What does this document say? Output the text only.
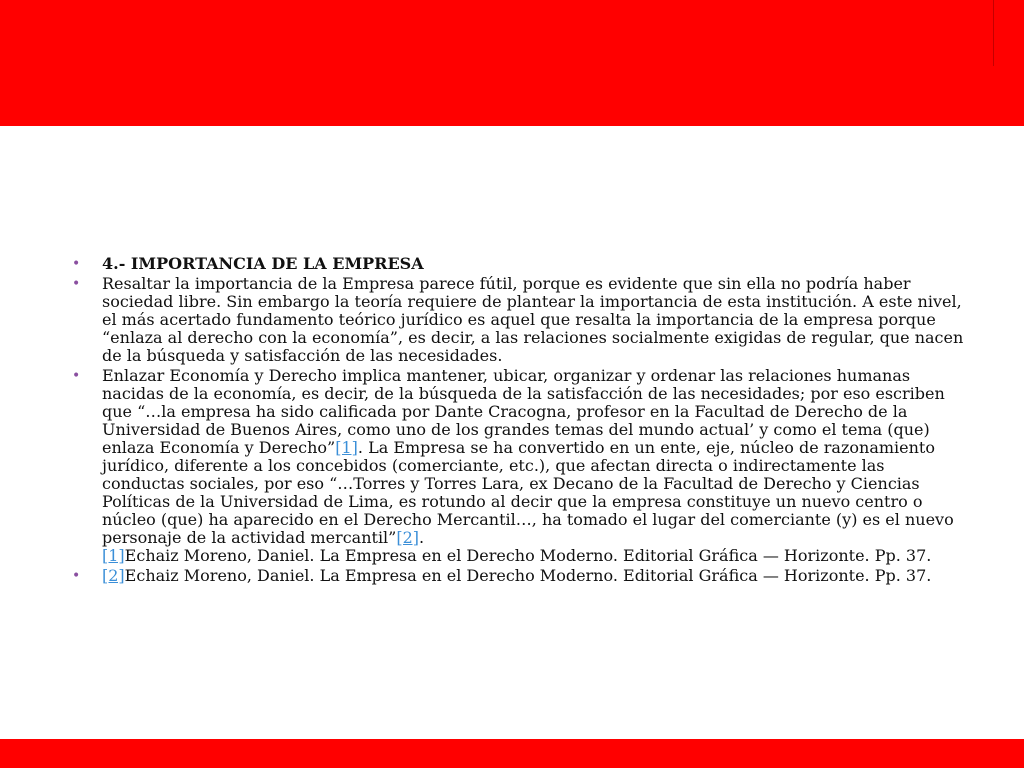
• 4.- IMPORTANCIA DE LA EMPRESA
• Resaltar la importancia de la Empresa parece fútil, porque es evidente que sin ella no podría haber sociedad libre. Sin embargo la teoría requiere de plantear la importancia de esta institución. A este nivel, el más acertado fundamento teórico jurídico es aquel que resalta la importancia de la empresa porque “enlaza al derecho con la economía”, es decir, a las relaciones socialmente exigidas de regular, que nacen de la búsqueda y satisfacción de las necesidades.
• Enlazar Economía y Derecho implica mantener, ubicar, organizar y ordenar las relaciones humanas nacidas de la economía, es decir, de la búsqueda de la satisfacción de las necesidades; por eso escriben que “…la empresa ha sido calificada por Dante Cracogna, profesor en la Facultad de Derecho de la Universidad de Buenos Aires, como uno de los grandes temas del mundo actual’ y como el tema (que) enlaza Economía y Derecho”[1]. La Empresa se ha convertido en un ente, eje, núcleo de razonamiento jurídico, diferente a los concebidos (comerciante, etc.), que afectan directa o indirectamente las conductas sociales, por eso “…Torres y Torres Lara, ex Decano de la Facultad de Derecho y Ciencias Políticas de la Universidad de Lima, es rotundo al decir que la empresa constituye un nuevo centro o núcleo (que) ha aparecido en el Derecho Mercantil…, ha tomado el lugar del comerciante (y) es el nuevo personaje de la actividad mercantil”[2].
[1]Echaiz Moreno, Daniel. La Empresa en el Derecho Moderno. Editorial Gráfica — Horizonte. Pp. 37.
• [2]Echaiz Moreno, Daniel. La Empresa en el Derecho Moderno. Editorial Gráfica — Horizonte. Pp. 37.
